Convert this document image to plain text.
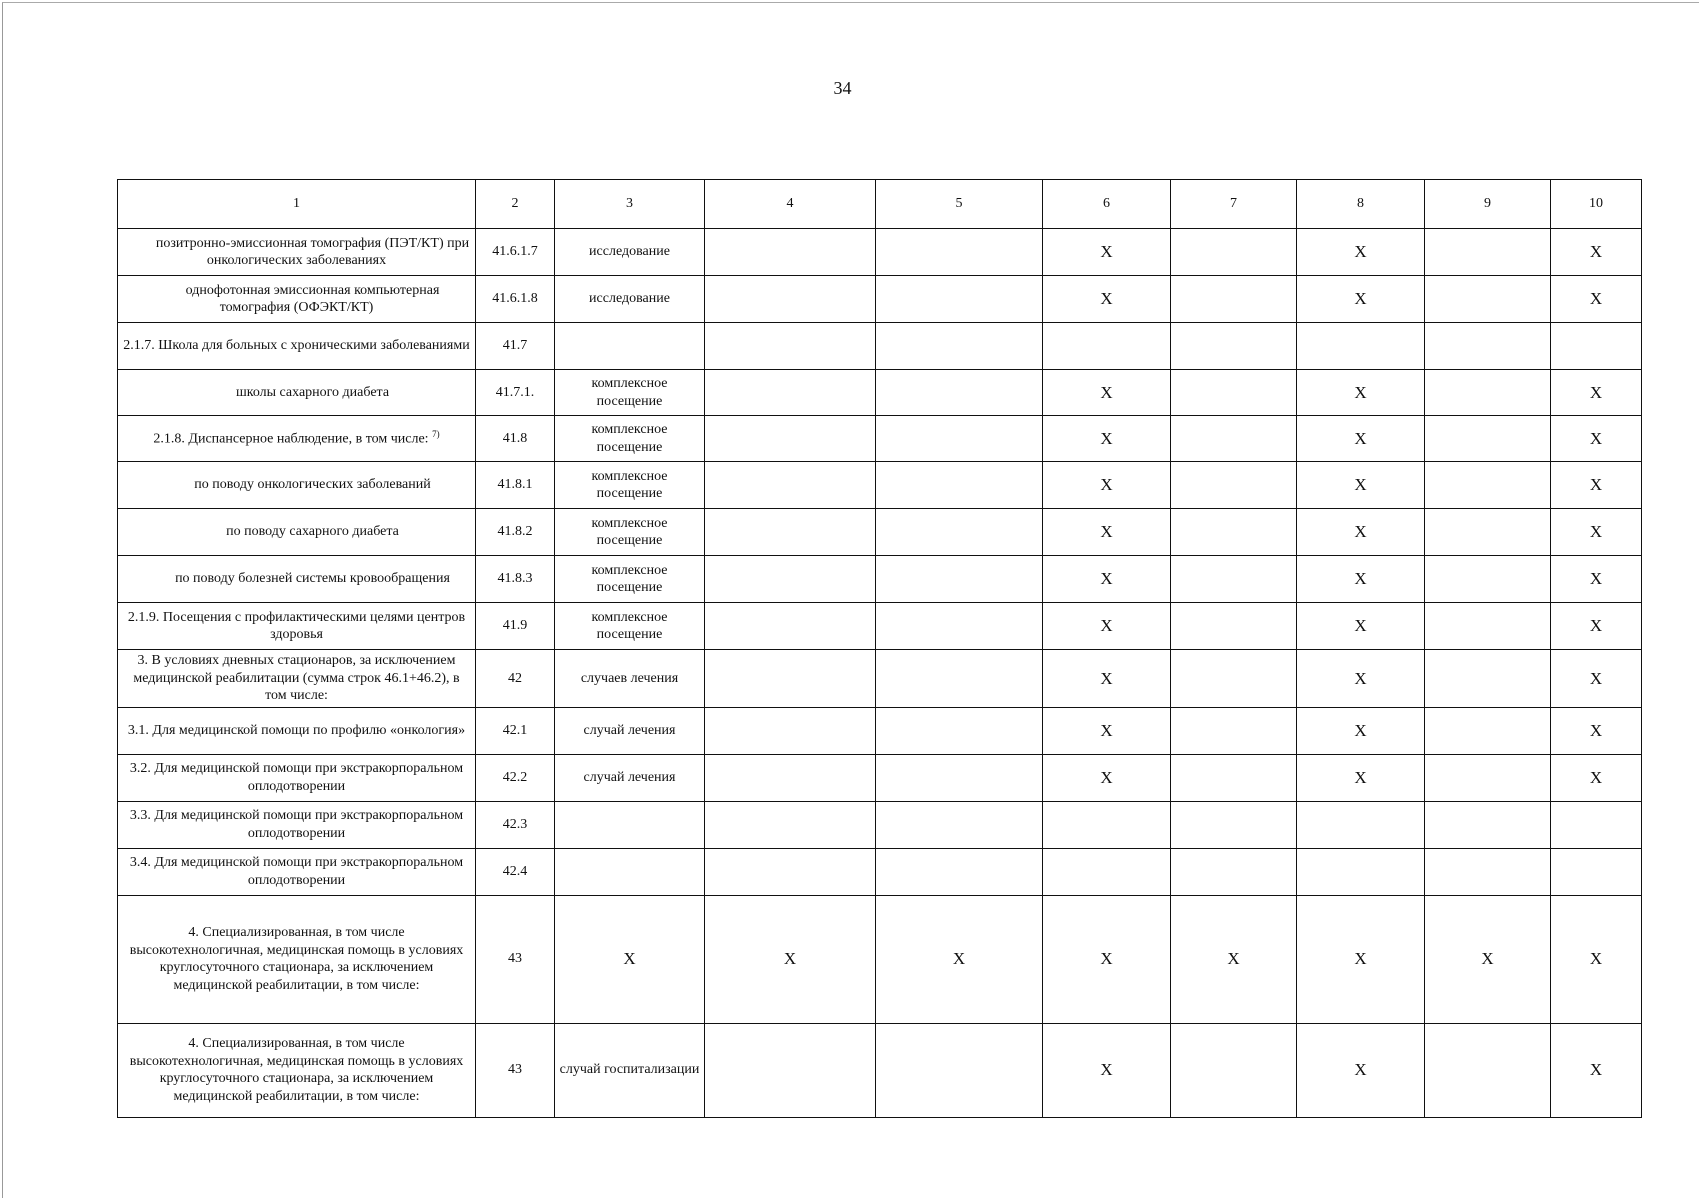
34
1	2	3	4	5	6	7	8	9	10
позитронно-эмиссионная томография (ПЭТ/КТ) при онкологических заболеваниях	41.6.1.7	исследование			X		X		X
однофотонная эмиссионная компьютерная томография (ОФЭКТ/КТ)	41.6.1.8	исследование			X		X		X
2.1.7. Школа для больных с хроническими заболеваниями	41.7								
школы сахарного диабета	41.7.1.	комплексное посещение			X		X		X
2.1.8. Диспансерное наблюдение, в том числе: $^{7)}$	41.8	комплексное посещение			X		X		X
по поводу онкологических заболеваний	41.8.1	комплексное посещение			X		X		X
по поводу сахарного диабета	41.8.2	комплексное посещение			X		X		X
по поводу болезней системы кровообращения	41.8.3	комплексное посещение			X		X		X
2.1.9. Посещения с профилактическими целями центров здоровья	41.9	комплексное посещение			X		X		X
3. В условиях дневных стационаров, за исключением медицинской реабилитации (сумма строк 46.1+46.2), в том числе:	42	случаев лечения			X		X		X
3.1. Для медицинской помощи по профилю «онкология»	42.1	случай лечения			X		X		X
3.2. Для медицинской помощи при экстракорпоральном оплодотворении	42.2	случай лечения			X		X		X
3.3. Для медицинской помощи при экстракорпоральном оплодотворении	42.3								
3.4. Для медицинской помощи при экстракорпоральном оплодотворении	42.4								
4. Специализированная, в том числе высокотехнологичная, медицинская помощь в условиях круглосуточного стационара, за исключением медицинской реабилитации, в том числе:	43	X	X	X	X	X	X	X	X
4. Специализированная, в том числе высокотехнологичная, медицинская помощь в условиях круглосуточного стационара, за исключением медицинской реабилитации, в том числе:	43	случай госпитализации			X		X		X
